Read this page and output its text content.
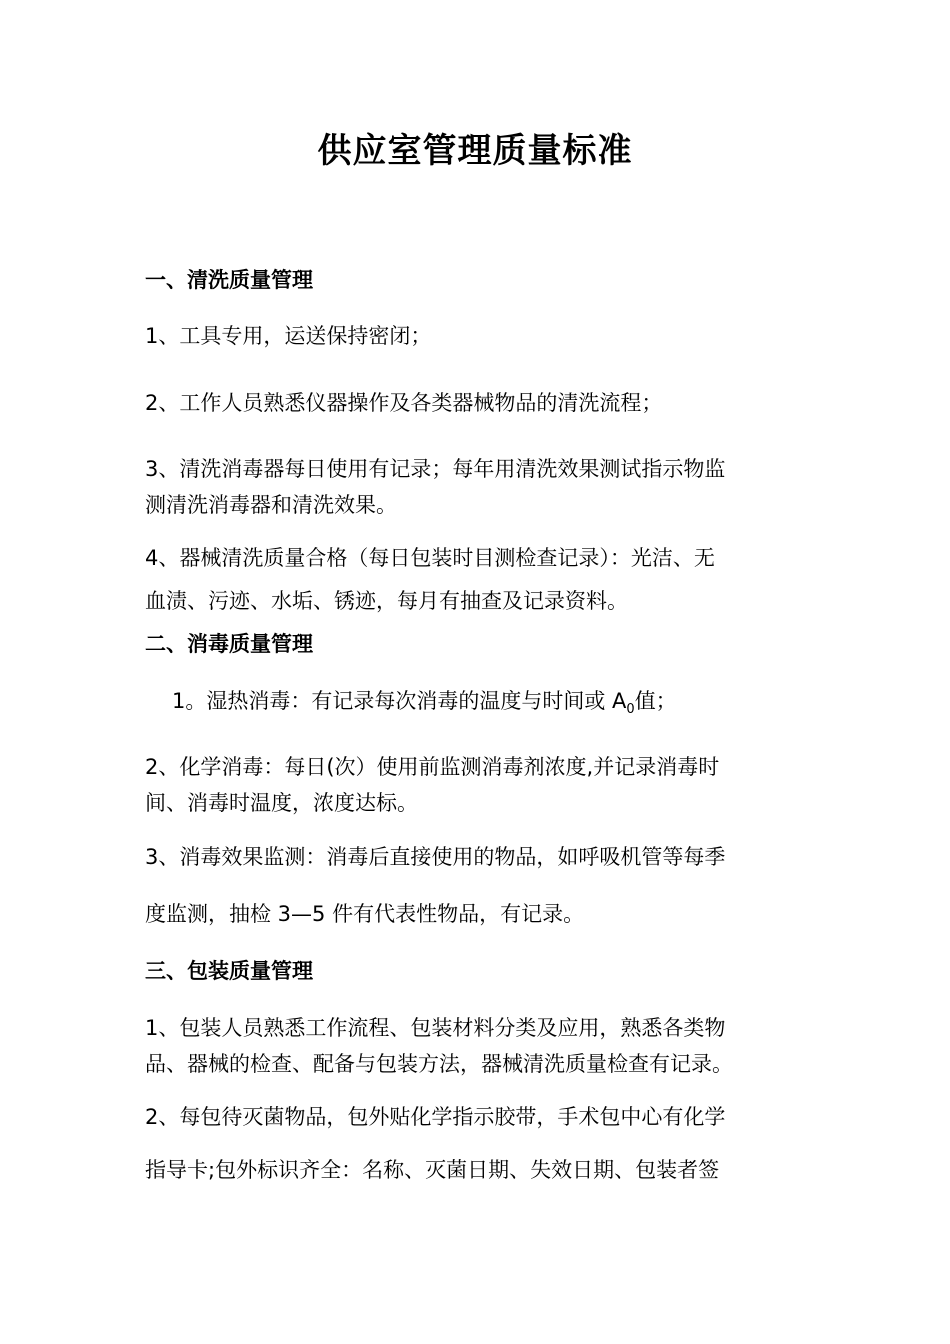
供应室管理质量标准
一、清洗质量管理
1、工具专用，运送保持密闭；
2、工作人员熟悉仪器操作及各类器械物品的清洗流程；
3、清洗消毒器每日使用有记录；每年用清洗效果测试指示物监
测清洗消毒器和清洗效果。
4、器械清洗质量合格（每日包装时目测检查记录）：光洁、无
血渍、污迹、水垢、锈迹，每月有抽查及记录资料。
二、消毒质量管理
1。湿热消毒：有记录每次消毒的温度与时间或 $A_0$值；
2、化学消毒：每日(次）使用前监测消毒剂浓度,并记录消毒时
间、消毒时温度，浓度达标。
3、消毒效果监测：消毒后直接使用的物品，如呼吸机管等每季
度监测，抽检 3—5 件有代表性物品，有记录。
三、包装质量管理
1、包装人员熟悉工作流程、包装材料分类及应用，熟悉各类物
品、器械的检查、配备与包装方法，器械清洗质量检查有记录。
2、每包待灭菌物品，包外贴化学指示胶带，手术包中心有化学
指导卡;包外标识齐全：名称、灭菌日期、失效日期、包装者签
